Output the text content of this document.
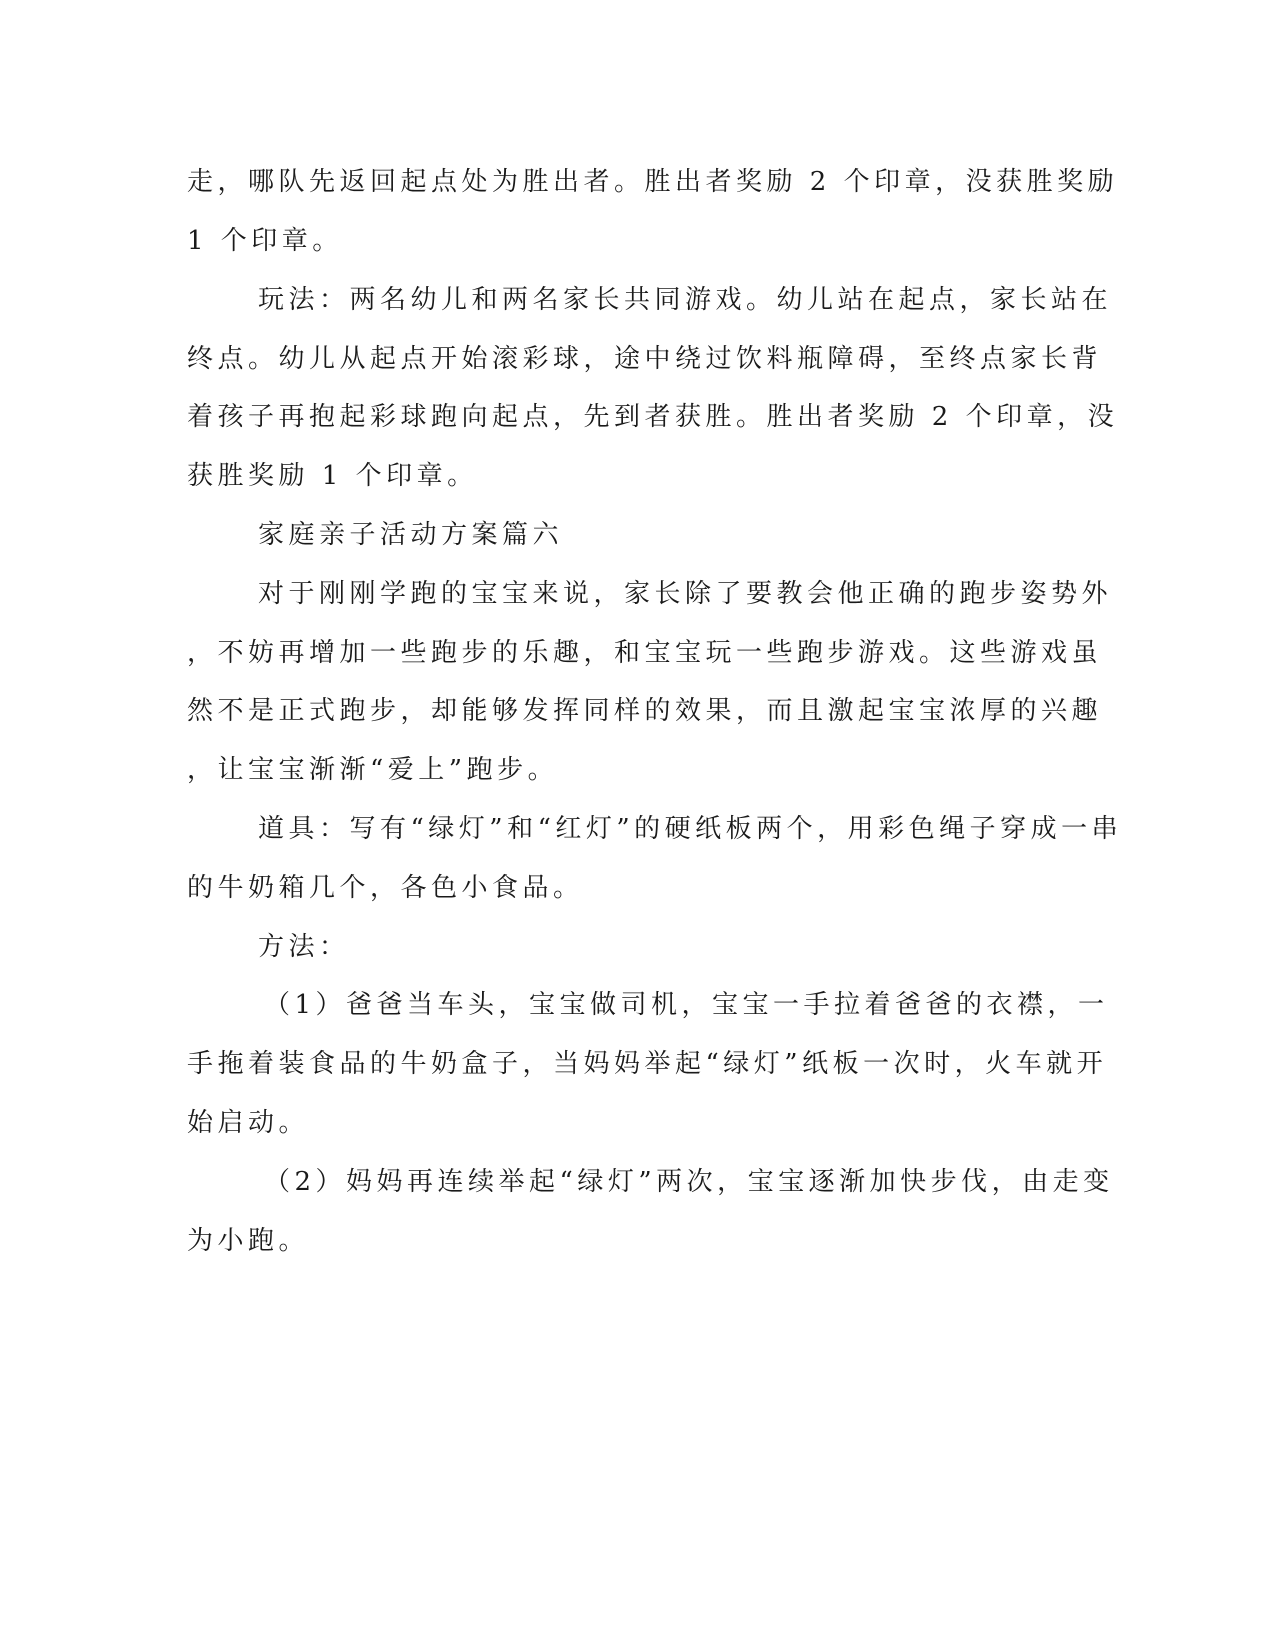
走，哪队先返回起点处为胜出者。胜出者奖励 2 个印章，没获胜奖励
1 个印章。
玩法：两名幼儿和两名家长共同游戏。幼儿站在起点，家长站在
终点。幼儿从起点开始滚彩球，途中绕过饮料瓶障碍，至终点家长背
着孩子再抱起彩球跑向起点，先到者获胜。胜出者奖励 2 个印章，没
获胜奖励 1 个印章。
家庭亲子活动方案篇六
对于刚刚学跑的宝宝来说，家长除了要教会他正确的跑步姿势外
，不妨再增加一些跑步的乐趣，和宝宝玩一些跑步游戏。这些游戏虽
然不是正式跑步，却能够发挥同样的效果，而且激起宝宝浓厚的兴趣
，让宝宝渐渐“爱上”跑步。
道具：写有“绿灯”和“红灯”的硬纸板两个，用彩色绳子穿成一串
的牛奶箱几个，各色小食品。
方法：
（1）爸爸当车头，宝宝做司机，宝宝一手拉着爸爸的衣襟，一
手拖着装食品的牛奶盒子，当妈妈举起“绿灯”纸板一次时，火车就开
始启动。
（2）妈妈再连续举起“绿灯”两次，宝宝逐渐加快步伐，由走变
为小跑。
